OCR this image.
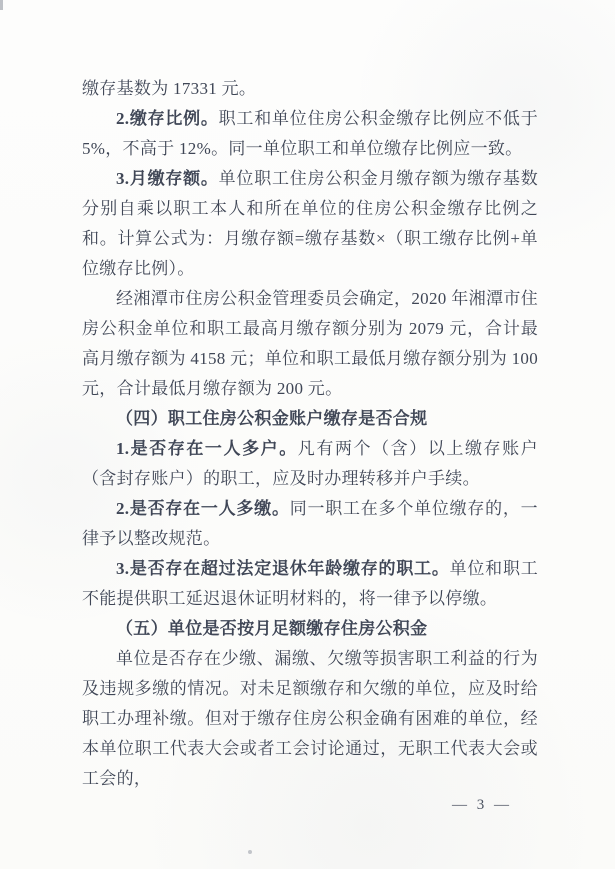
缴存基数为 17331 元。

2.缴存比例。职工和单位住房公积金缴存比例应不低于 5%，不高于 12%。同一单位职工和单位缴存比例应一致。

3.月缴存额。单位职工住房公积金月缴存额为缴存基数分别自乘以职工本人和所在单位的住房公积金缴存比例之和。计算公式为：月缴存额=缴存基数×（职工缴存比例+单位缴存比例）。

经湘潭市住房公积金管理委员会确定，2020 年湘潭市住房公积金单位和职工最高月缴存额分别为 2079 元，合计最高月缴存额为 4158 元；单位和职工最低月缴存额分别为 100 元，合计最低月缴存额为 200 元。

（四）职工住房公积金账户缴存是否合规

1.是否存在一人多户。凡有两个（含）以上缴存账户（含封存账户）的职工，应及时办理转移并户手续。

2.是否存在一人多缴。同一职工在多个单位缴存的，一律予以整改规范。

3.是否存在超过法定退休年龄缴存的职工。单位和职工不能提供职工延迟退休证明材料的，将一律予以停缴。

（五）单位是否按月足额缴存住房公积金

单位是否存在少缴、漏缴、欠缴等损害职工利益的行为及违规多缴的情况。对未足额缴存和欠缴的单位，应及时给职工办理补缴。但对于缴存住房公积金确有困难的单位，经本单位职工代表大会或者工会讨论通过，无职工代表大会或工会的，

— 3 —
